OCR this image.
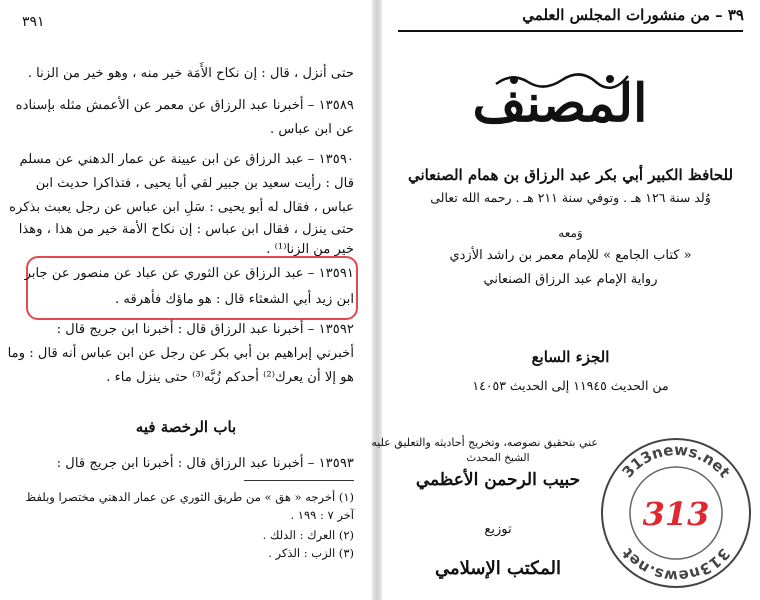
٣٩١
حتى أنزل ، قال : إن نكاح الأَمَة خير منه ، وهو خير من الزنا .
١٣٥٨٩ – أخبرنا عبد الرزاق عن معمر عن الأعمش مثله بإسناده
عن ابن عباس .
١٣٥٩٠ – عبد الرزاق عن ابن عيينة عن عمار الدهني عن مسلم
قال : رأيت سعيد بن جبير لقي أبا يحيى ، فتذاكرا حديث ابن
عباس ، فقال له أبو يحيى : سَلِ ابن عباس عن رجل يعبث بذكره
حتى ينزل ، فقال ابن عباس : إن نكاح الأمة خير من هذا ، وهذا
خير من الزنا⁽¹⁾ .
١٣٥٩١ – عبد الرزاق عن الثوري عن عباد عن منصور عن جابر
ابن زيد أبي الشعثاء قال : هو ماؤك فأهرقه .
١٣٥٩٢ – أخبرنا عبد الرزاق قال : أخبرنا ابن جريج قال :
أخبرني إبراهيم بن أبي بكر عن رجل عن ابن عباس أنه قال : وما
هو إلا أن يعرك⁽²⁾ أحدكم زُبَّه⁽³⁾ حتى ينزل ماء .
باب الرخصة فيه
١٣٥٩٣ – أخبرنا عبد الرزاق قال : أخبرنا ابن جريج قال :
(١) أخرجه « هق » من طريق الثوري عن عمار الدهني مختصرا وبلفظ
آخر ٧ : ١٩٩ .
(٢) العرك : الدلك .
(٣) الزب : الذكر .
٣٩ – من منشورات المجلس العلمي
المصنف
للحافظ الكبير أبي بكر عبد الرزاق بن همام الصنعاني
وُلد سنة ١٢٦ هـ . وتوفي سنة ٢١١ هـ . رحمه الله تعالى
وَمعه
« كتاب الجامع » للإمام معمر بن راشد الأزدي
رواية الإمام عبد الرزاق الصنعاني
الجزء السابع
من الحديث ١١٩٤٥ إلى الحديث ١٤٠٥٣
عني بتحقيق نصوصه، وتخريج أحاديثه والتعليق عليه
الشيخ المحدث
حبيب الرحمن الأعظمي
توزيع
المكتب الإسلامي
313news.net
313news.net
313
